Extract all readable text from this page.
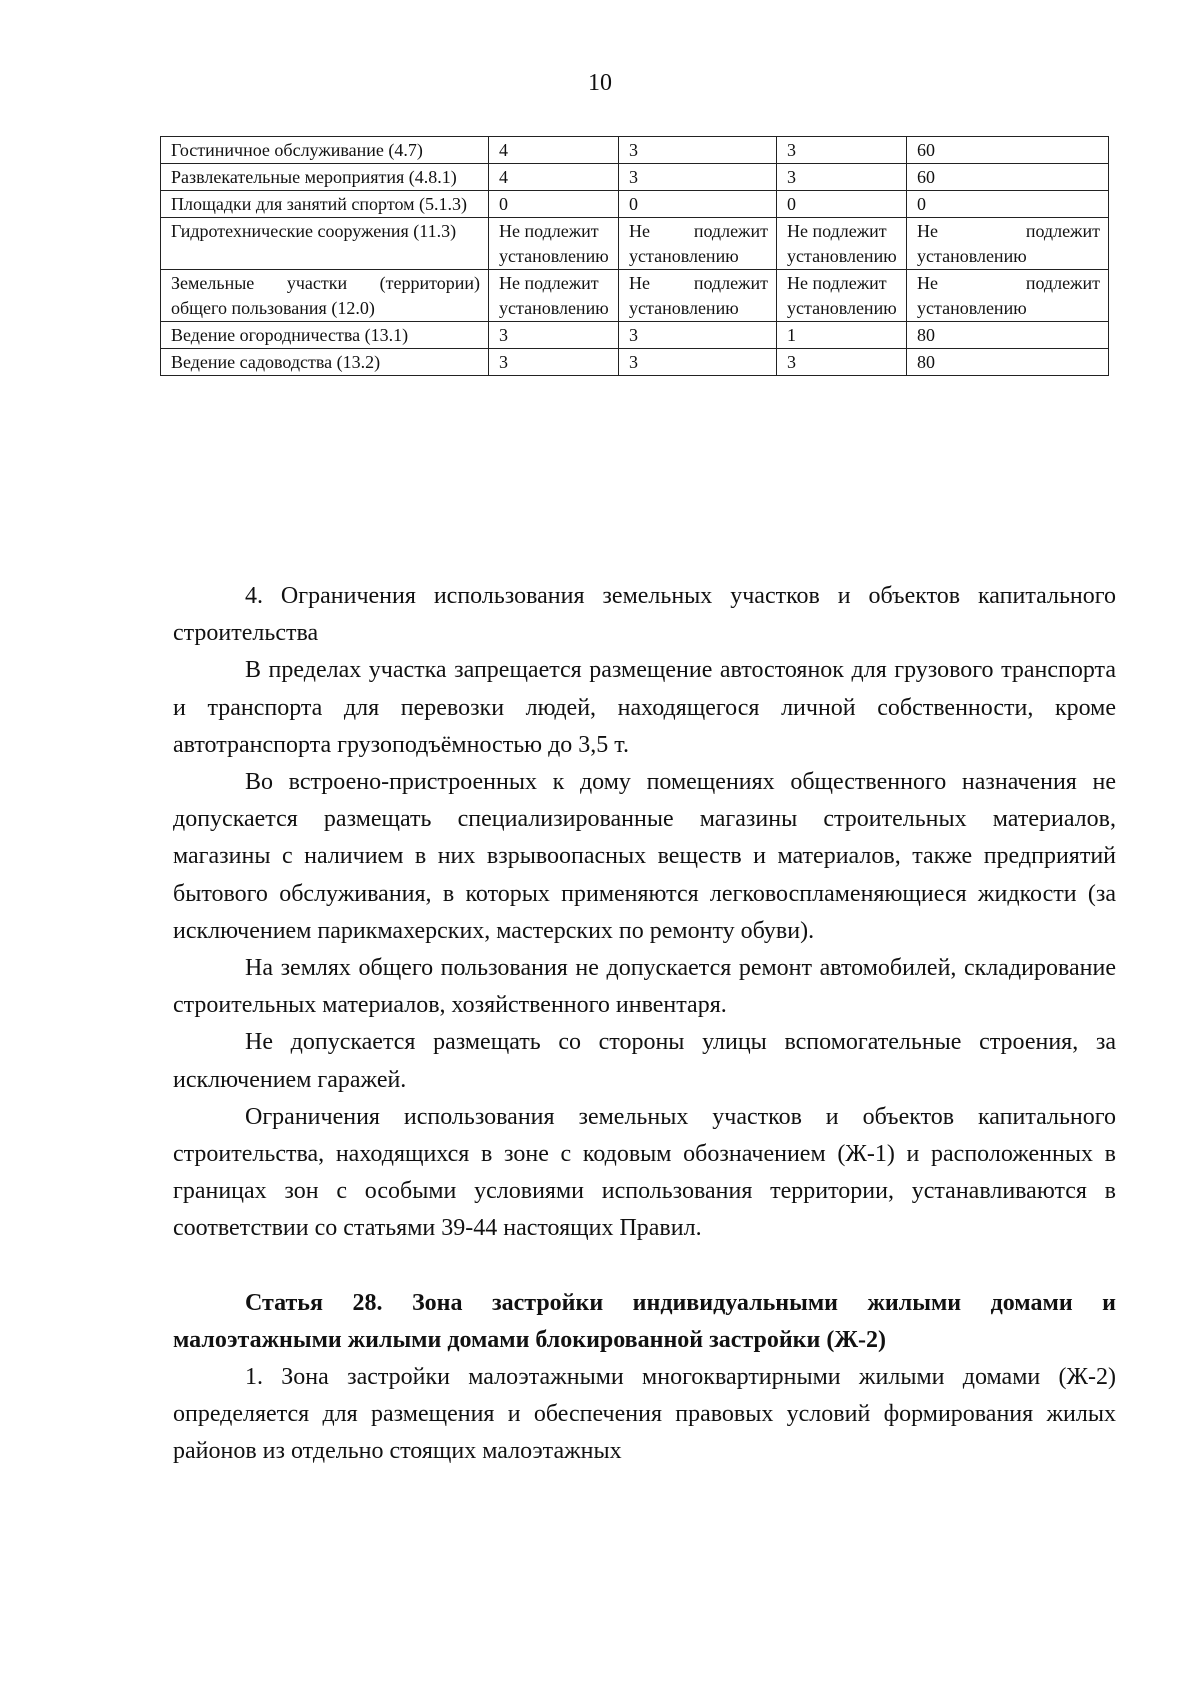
10
Гостиничное обслуживание (4.7)	4	3	3	60
Развлекательные мероприятия (4.8.1)	4	3	3	60
Площадки для занятий спортом (5.1.3)	0	0	0	0
Гидротехнические сооружения (11.3)	Не подлежит установлению	Не подлежит установлению	Не подлежит установлению	Не подлежит установлению
Земельные участки (территории) общего пользования (12.0)	Не подлежит установлению	Не подлежит установлению	Не подлежит установлению	Не подлежит установлению
Ведение огородничества (13.1)	3	3	1	80
Ведение садоводства (13.2)	3	3	3	80

4. Ограничения использования земельных участков и объектов капитального строительства

В пределах участка запрещается размещение автостоянок для грузового транспорта и транспорта для перевозки людей, находящегося личной собственности, кроме автотранспорта грузоподъёмностью до 3,5 т.

Во встроено-пристроенных к дому помещениях общественного назначения не допускается размещать специализированные магазины строительных материалов, магазины с наличием в них взрывоопасных веществ и материалов, также предприятий бытового обслуживания, в которых применяются легковоспламеняющиеся жидкости (за исключением парикмахерских, мастерских по ремонту обуви).

На землях общего пользования не допускается ремонт автомобилей, складирование строительных материалов, хозяйственного инвентаря.

Не допускается размещать со стороны улицы вспомогательные строения, за исключением гаражей.

Ограничения использования земельных участков и объектов капитального строительства, находящихся в зоне с кодовым обозначением (Ж-1) и расположенных в границах зон с особыми условиями использования территории, устанавливаются в соответствии со статьями 39-44 настоящих Правил.

Статья 28. Зона застройки индивидуальными жилыми домами и малоэтажными жилыми домами блокированной застройки (Ж-2)

1. Зона застройки малоэтажными многоквартирными жилыми домами (Ж-2) определяется для размещения и обеспечения правовых условий формирования жилых районов из отдельно стоящих малоэтажных
